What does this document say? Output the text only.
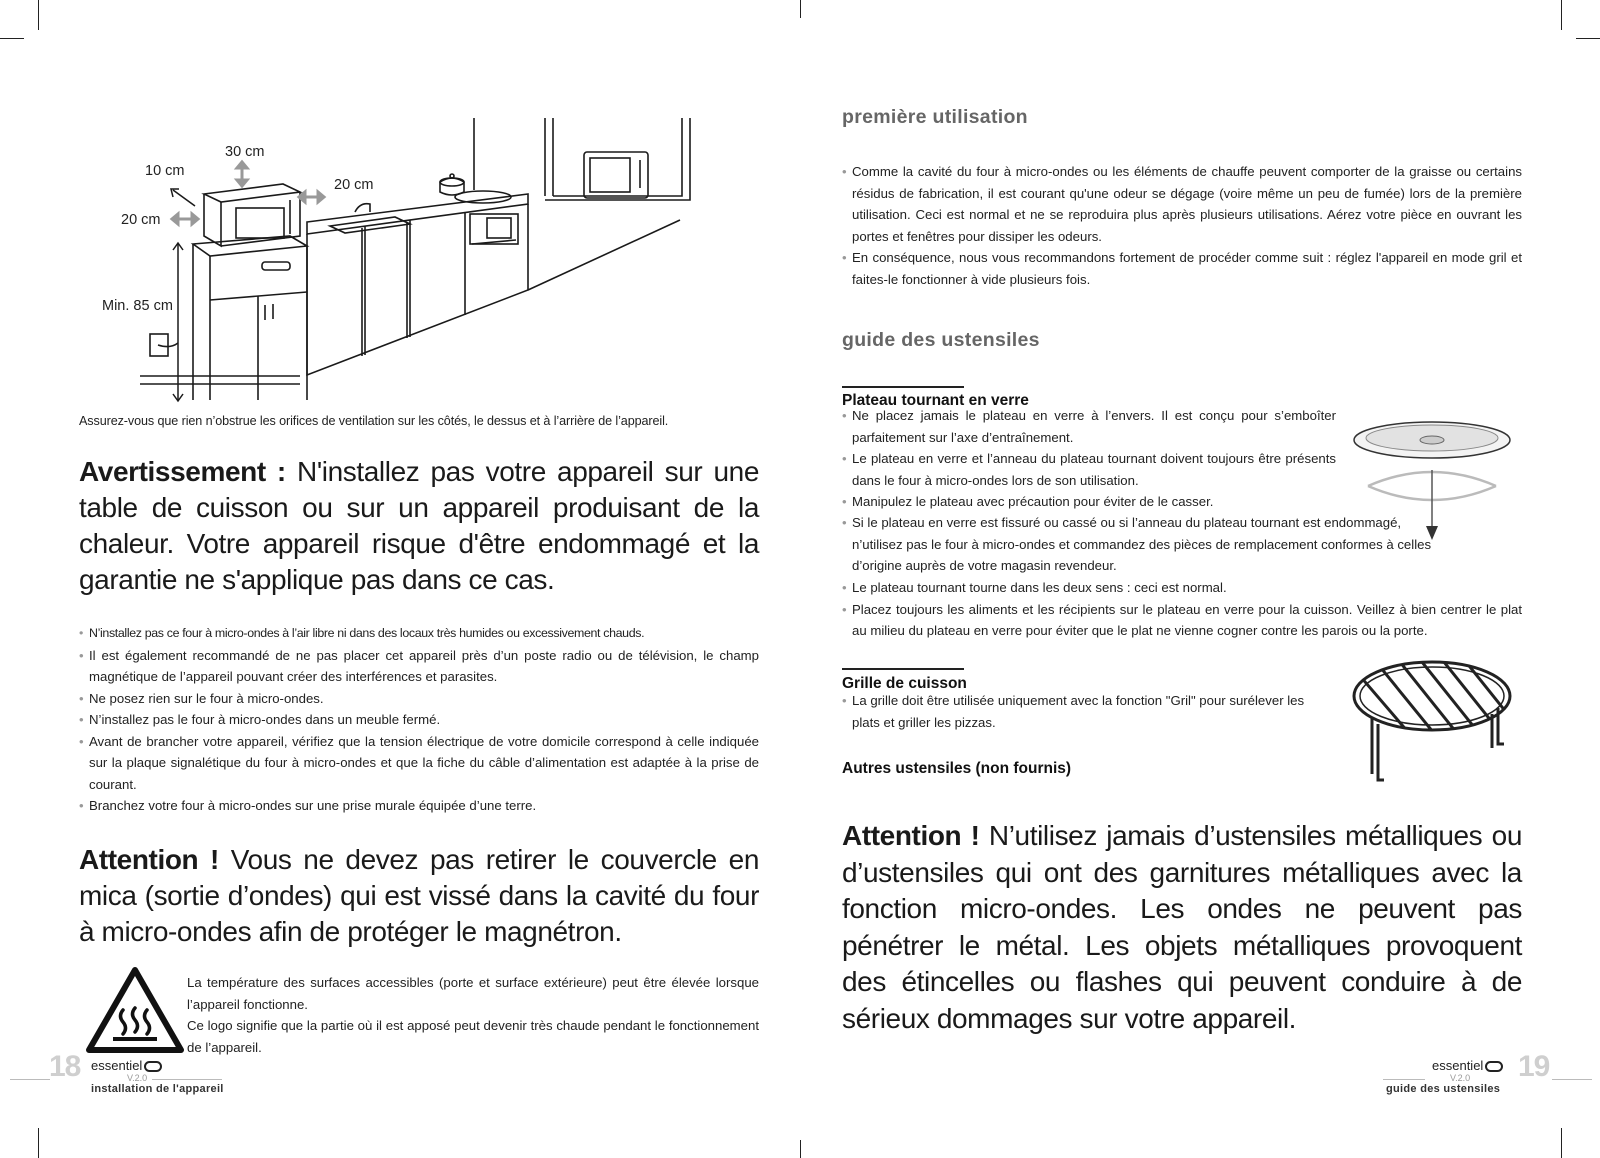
30 cm
10 cm
20 cm
20 cm
Min. 85 cm
Assurez-vous que rien n’obstrue les orifices de ventilation sur les côtés, le dessus et à l’arrière de l’appareil.
Avertissement : N'installez pas votre appareil sur une table de cuisson ou sur un appareil produisant de la chaleur. Votre appareil risque d'être endommagé et la garantie ne s'applique pas dans ce cas.
• N’installez pas ce four à micro-ondes à l’air libre ni dans des locaux très humides ou excessivement chauds.
• Il est également recommandé de ne pas placer cet appareil près d’un poste radio ou de télévision, le champ magnétique de l’appareil pouvant créer des interférences et parasites.
• Ne posez rien sur le four à micro-ondes.
• N’installez pas le four à micro-ondes dans un meuble fermé.
• Avant de brancher votre appareil, vérifiez que la tension électrique de votre domicile correspond à celle indiquée sur la plaque signalétique du four à micro-ondes et que la fiche du câble d’alimentation est adaptée à la prise de courant.
• Branchez votre four à micro-ondes sur une prise murale équipée d’une terre.
Attention ! Vous ne devez pas retirer le couvercle en mica (sortie d’ondes) qui est vissé dans la cavité du four à micro-ondes afin de protéger le magnétron.

La température des surfaces accessibles (porte et surface extérieure) peut être élevée lorsque l’appareil fonctionne.

Ce logo signifie que la partie où il est apposé peut devenir très chaude pendant le fonctionnement de l’appareil.

18 essentiel
V.2.0
installation de l'appareil
première utilisation
• Comme la cavité du four à micro-ondes ou les éléments de chauffe peuvent comporter de la graisse ou certains résidus de fabrication, il est courant qu'une odeur se dégage (voire même un peu de fumée) lors de la première utilisation. Ceci est normal et ne se reproduira plus après plusieurs utilisations. Aérez votre pièce en ouvrant les portes et fenêtres pour dissiper les odeurs.
• En conséquence, nous vous recommandons fortement de procéder comme suit : réglez l'appareil en mode gril et faites-le fonctionner à vide plusieurs fois.
guide des ustensiles
Plateau tournant en verre
• Ne placez jamais le plateau en verre à l’envers. Il est conçu pour s’emboîter parfaitement sur l’axe d’entraînement.
• Le plateau en verre et l’anneau du plateau tournant doivent toujours être présents dans le four à micro-ondes lors de son utilisation.
• Manipulez le plateau avec précaution pour éviter de le casser.
• Si le plateau en verre est fissuré ou cassé ou si l’anneau du plateau tournant est endommagé, n’utilisez pas le four à micro-ondes et commandez des pièces de remplacement conformes à celles d’origine auprès de votre magasin revendeur.
• Le plateau tournant tourne dans les deux sens : ceci est normal.
• Placez toujours les aliments et les récipients sur le plateau en verre pour la cuisson. Veillez à bien centrer le plat au milieu du plateau en verre pour éviter que le plat ne vienne cogner contre les parois ou la porte.
Grille de cuisson
• La grille doit être utilisée uniquement avec la fonction "Gril" pour surélever les plats et griller les pizzas.
Autres ustensiles (non fournis)
Attention ! N’utilisez jamais d’ustensiles métalliques ou d’ustensiles qui ont des garnitures métalliques avec la fonction micro-ondes. Les ondes ne peuvent pas pénétrer le métal. Les objets métalliques provoquent des étincelles ou flashes qui peuvent conduire à de sérieux dommages sur votre appareil.
essentiel
V.2.0 19
guide des ustensiles
